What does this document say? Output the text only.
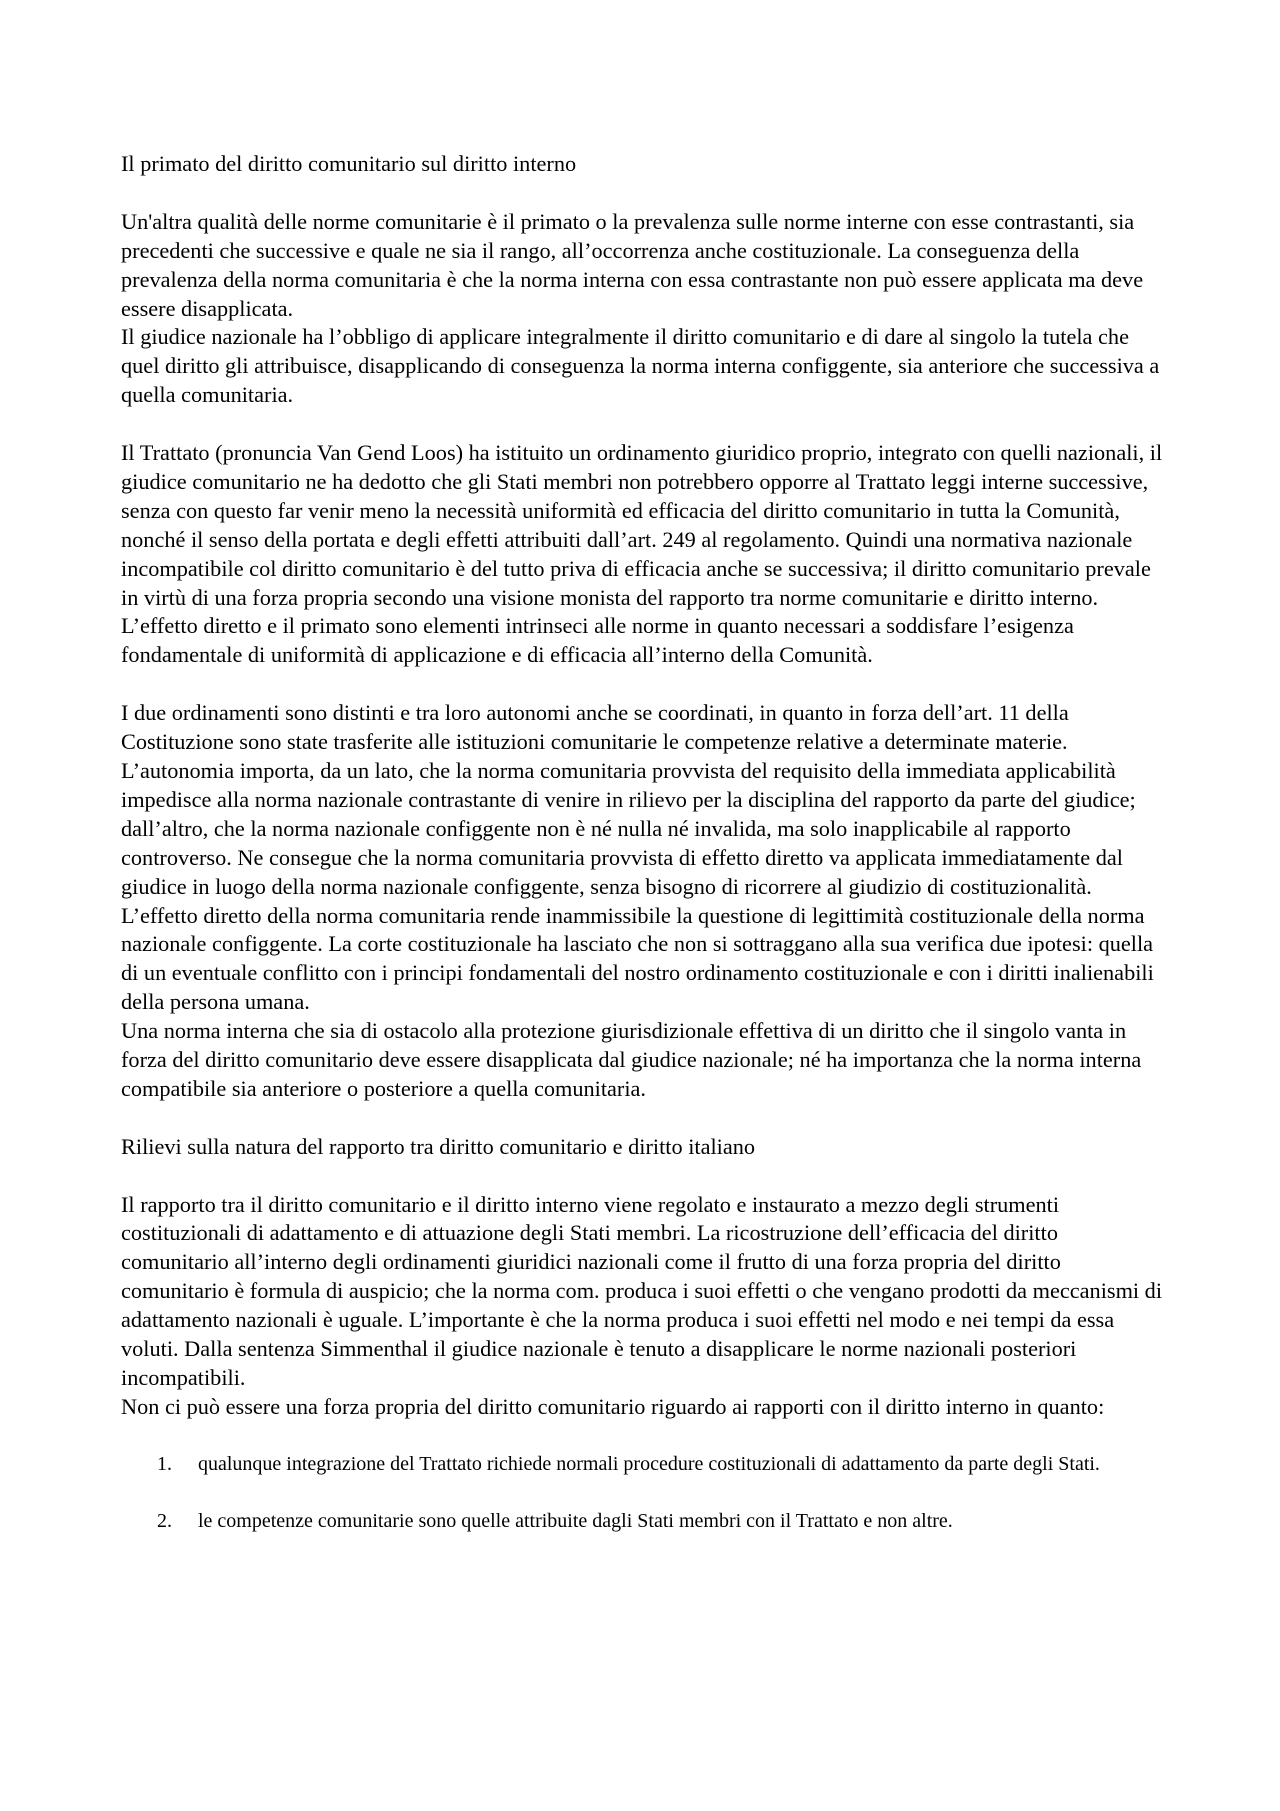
Il primato del diritto comunitario sul diritto interno

Un'altra qualità delle norme comunitarie è il primato o la prevalenza sulle norme interne con esse contrastanti, sia precedenti che successive e quale ne sia il rango, all’occorrenza anche costituzionale. La conseguenza della prevalenza della norma comunitaria è che la norma interna con essa contrastante non può essere applicata ma deve essere disapplicata.

Il giudice nazionale ha l’obbligo di applicare integralmente il diritto comunitario e di dare al singolo la tutela che quel diritto gli attribuisce, disapplicando di conseguenza la norma interna configgente, sia anteriore che successiva a quella comunitaria.

Il Trattato (pronuncia Van Gend Loos) ha istituito un ordinamento giuridico proprio, integrato con quelli nazionali, il giudice comunitario ne ha dedotto che gli Stati membri non potrebbero opporre al Trattato leggi interne successive, senza con questo far venir meno la necessità uniformità ed efficacia del diritto comunitario in tutta la Comunità, nonché il senso della portata e degli effetti attribuiti dall’art. 249 al regolamento. Quindi una normativa nazionale incompatibile col diritto comunitario è del tutto priva di efficacia anche se successiva; il diritto comunitario prevale in virtù di una forza propria secondo una visione monista del rapporto tra norme comunitarie e diritto interno.

L’effetto diretto e il primato sono elementi intrinseci alle norme in quanto necessari a soddisfare l’esigenza fondamentale di uniformità di applicazione e di efficacia all’interno della Comunità.

I due ordinamenti sono distinti e tra loro autonomi anche se coordinati, in quanto in forza dell’art. 11 della Costituzione sono state trasferite alle istituzioni comunitarie le competenze relative a determinate materie. L’autonomia importa, da un lato, che la norma comunitaria provvista del requisito della immediata applicabilità impedisce alla norma nazionale contrastante di venire in rilievo per la disciplina del rapporto da parte del giudice; dall’altro, che la norma nazionale configgente non è né nulla né invalida, ma solo inapplicabile al rapporto controverso. Ne consegue che la norma comunitaria provvista di effetto diretto va applicata immediatamente dal giudice in luogo della norma nazionale configgente, senza bisogno di ricorrere al giudizio di costituzionalità. L’effetto diretto della norma comunitaria rende inammissibile la questione di legittimità costituzionale della norma nazionale configgente. La corte costituzionale ha lasciato che non si sottraggano alla sua verifica due ipotesi: quella di un eventuale conflitto con i principi fondamentali del nostro ordinamento costituzionale e con i diritti inalienabili della persona umana.

Una norma interna che sia di ostacolo alla protezione giurisdizionale effettiva di un diritto che il singolo vanta in forza del diritto comunitario deve essere disapplicata dal giudice nazionale; né ha importanza che la norma interna compatibile sia anteriore o posteriore a quella comunitaria.

Rilievi sulla natura del rapporto tra diritto comunitario e diritto italiano

Il rapporto tra il diritto comunitario e il diritto interno viene regolato e instaurato a mezzo degli strumenti costituzionali di adattamento e di attuazione degli Stati membri. La ricostruzione dell’efficacia del diritto comunitario all’interno degli ordinamenti giuridici nazionali come il frutto di una forza propria del diritto comunitario è formula di auspicio; che la norma com. produca i suoi effetti o che vengano prodotti da meccanismi di adattamento nazionali è uguale. L’importante è che la norma produca i suoi effetti nel modo e nei tempi da essa voluti. Dalla sentenza Simmenthal il giudice nazionale è tenuto a disapplicare le norme nazionali posteriori incompatibili.

Non ci può essere una forza propria del diritto comunitario riguardo ai rapporti con il diritto interno in quanto:

1.	qualunque integrazione del Trattato richiede normali procedure costituzionali di adattamento da parte degli Stati.
2.	le competenze comunitarie sono quelle attribuite dagli Stati membri con il Trattato e non altre.
